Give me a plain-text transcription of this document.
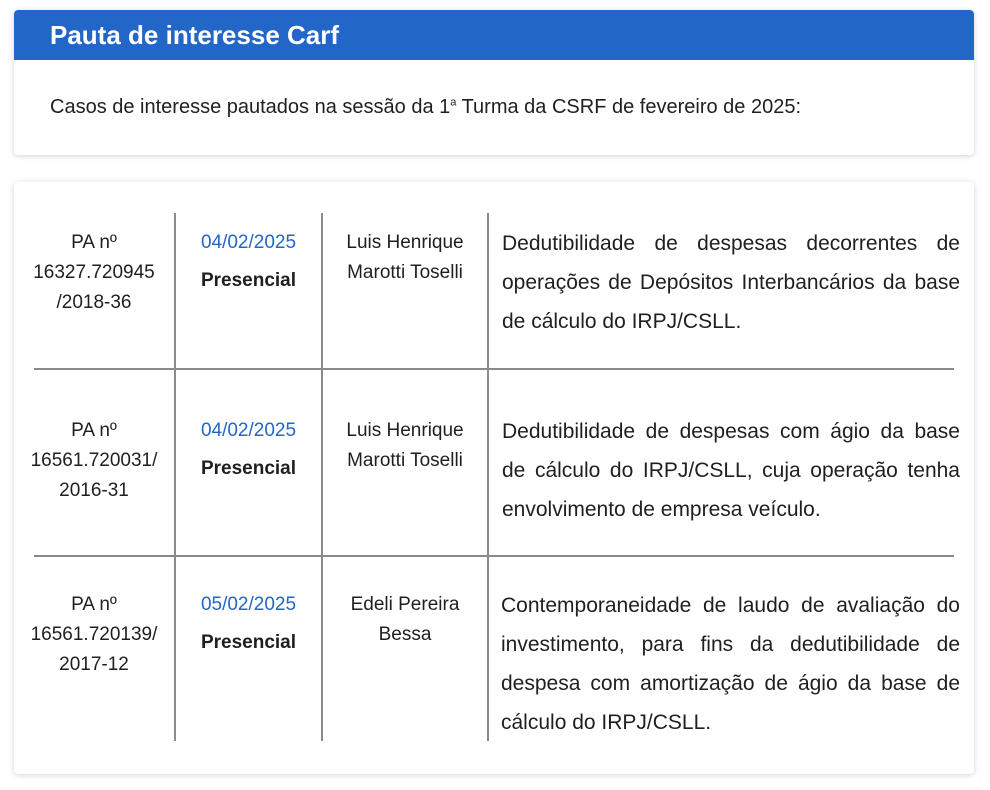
Pauta de interesse Carf
Casos de interesse pautados na sessão da 1$^a$ Turma da CSRF de fevereiro de 2025:
PA nº
16327.720945
/2018-36
04/02/2025
Presencial
Luis Henrique
Marotti Toselli
Dedutibilidade de despesas decorrentes de operações de Depósitos Interbancários da base de cálculo do IRPJ/CSLL.
PA nº
16561.720031/
2016-31
04/02/2025
Presencial
Luis Henrique
Marotti Toselli
Dedutibilidade de despesas com ágio da base de cálculo do IRPJ/CSLL, cuja operação tenha envolvimento de empresa veículo.
PA nº
16561.720139/
2017-12
05/02/2025
Presencial
Edeli Pereira
Bessa
Contemporaneidade de laudo de avaliação do investimento, para fins da dedutibilidade de despesa com amortização de ágio da base de cálculo do IRPJ/CSLL.
